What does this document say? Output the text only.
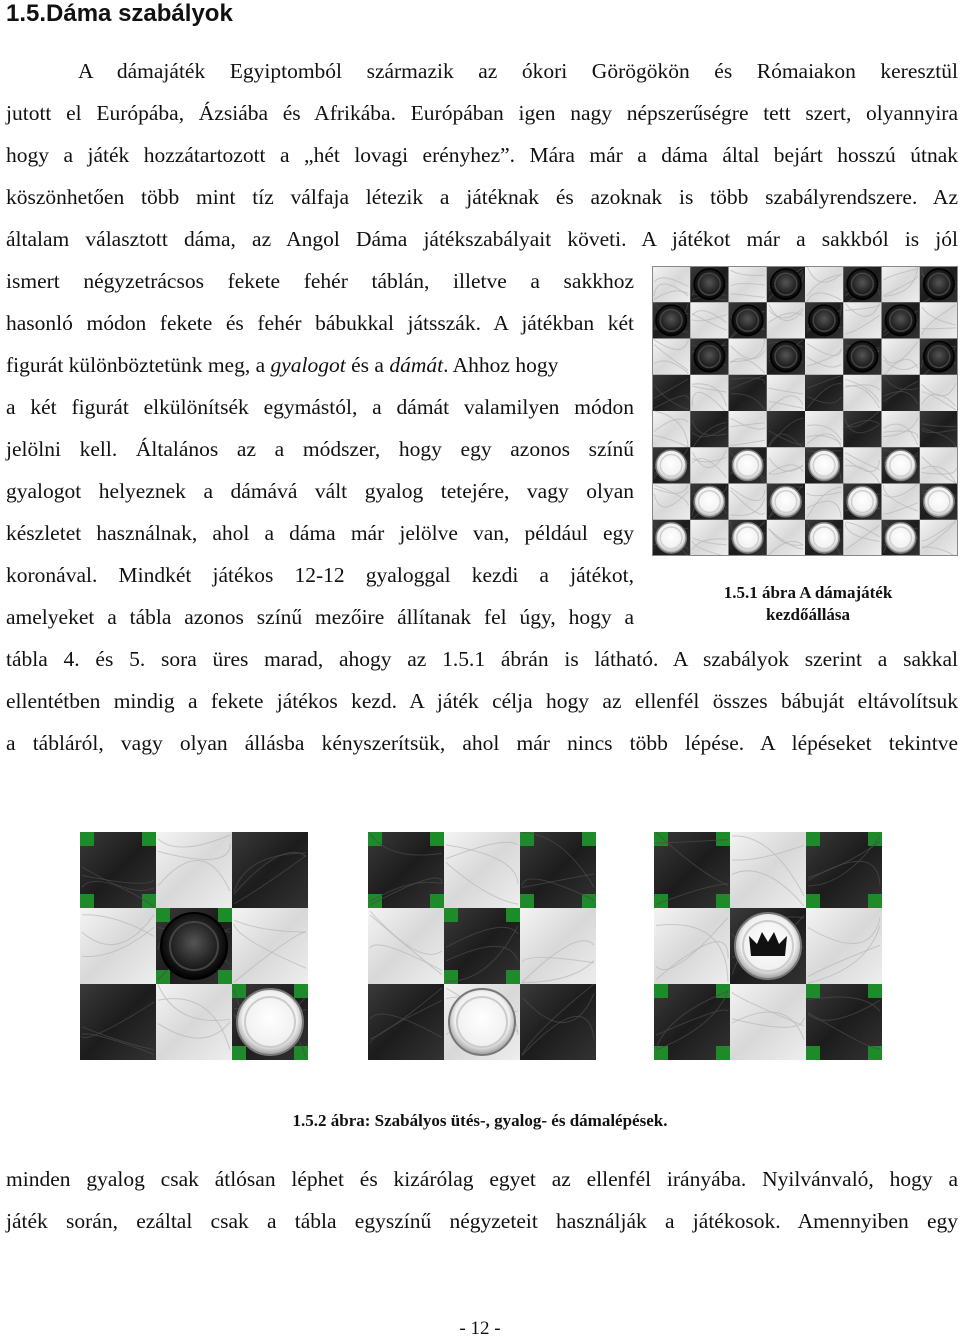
1.5.Dáma szabályok
A dámajáték Egyiptomból származik az ókori Görögökön és Rómaiakon keresztül
jutott el Európába, Ázsiába és Afrikába. Európában igen nagy népszerűségre tett szert, olyannyira
hogy a játék hozzátartozott a „hét lovagi erényhez”. Mára már a dáma által bejárt hosszú útnak
köszönhetően több mint tíz válfaja létezik a játéknak és azoknak is több szabályrendszere. Az
általam választott dáma, az Angol Dáma játékszabályait követi. A játékot már a sakkból is jól
ismert négyzetrácsos fekete fehér táblán, illetve a sakkhoz
hasonló módon fekete és fehér bábukkal játsszák. A játékban két
figurát különböztetünk meg, a gyalogot és a dámát. Ahhoz hogy
a két figurát elkülönítsék egymástól, a dámát valamilyen módon
jelölni kell. Általános az a módszer, hogy egy azonos színű
gyalogot helyeznek a dámává vált gyalog tetejére, vagy olyan
készletet használnak, ahol a dáma már jelölve van, például egy
koronával. Mindkét játékos 12-12 gyaloggal kezdi a játékot,
amelyeket a tábla azonos színű mezőire állítanak fel úgy, hogy a
tábla 4. és 5. sora üres marad, ahogy az 1.5.1 ábrán is látható. A szabályok szerint a sakkal
ellentétben mindig a fekete játékos kezd. A játék célja hogy az ellenfél összes bábuját eltávolítsuk
a tábláról, vagy olyan állásba kényszerítsük, ahol már nincs több lépése. A lépéseket tekintve
1.5.1 ábra A dámajáték
kezdőállása
1.5.2 ábra: Szabályos ütés-, gyalog- és dámalépések.
minden gyalog csak átlósan léphet és kizárólag egyet az ellenfél irányába. Nyilvánvaló, hogy a
játék során, ezáltal csak a tábla egyszínű négyzeteit használják a játékosok. Amennyiben egy
- 12 -
